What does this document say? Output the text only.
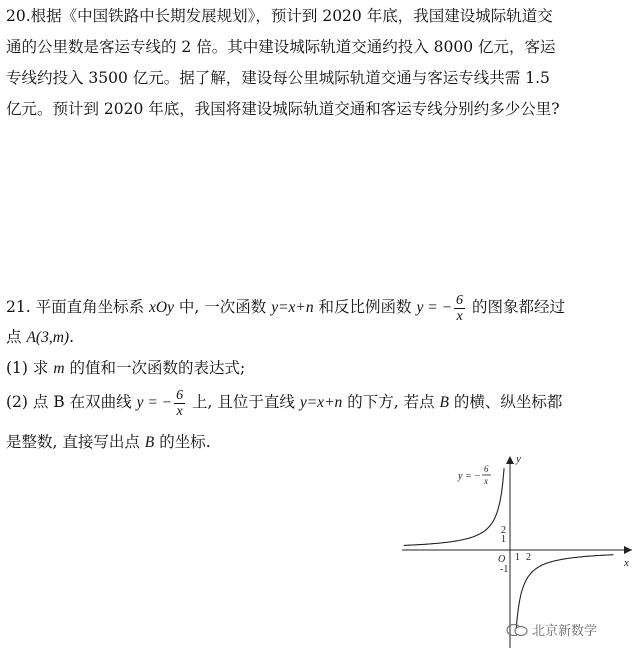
20.根据《中国铁路中长期发展规划》，预计到 2020 年底，我国建设城际轨道交
通的公里数是客运专线的 2 倍。其中建设城际轨道交通约投入 8000 亿元，客运
专线约投入 3500 亿元。据了解，建设每公里城际轨道交通与客运专线共需 1.5
亿元。预计到 2020 年底，我国将建设城际轨道交通和客运专线分别约多少公里?
21. 平面直角坐标系 xOy 中, 一次函数 y=x+n 和反比例函数 y = − $\frac{6}{x}$ 的图象都经过
点 A(3,m).
(1) 求 m 的值和一次函数的表达式;
(2) 点 B 在双曲线 y = − $\frac{6}{x}$ 上, 且位于直线 y=x+n 的下方, 若点 B 的横、纵坐标都
是整数, 直接写出点 B 的坐标.
y
x
O 1 2
2
1
-1
y = −
6
x
北京新数学
